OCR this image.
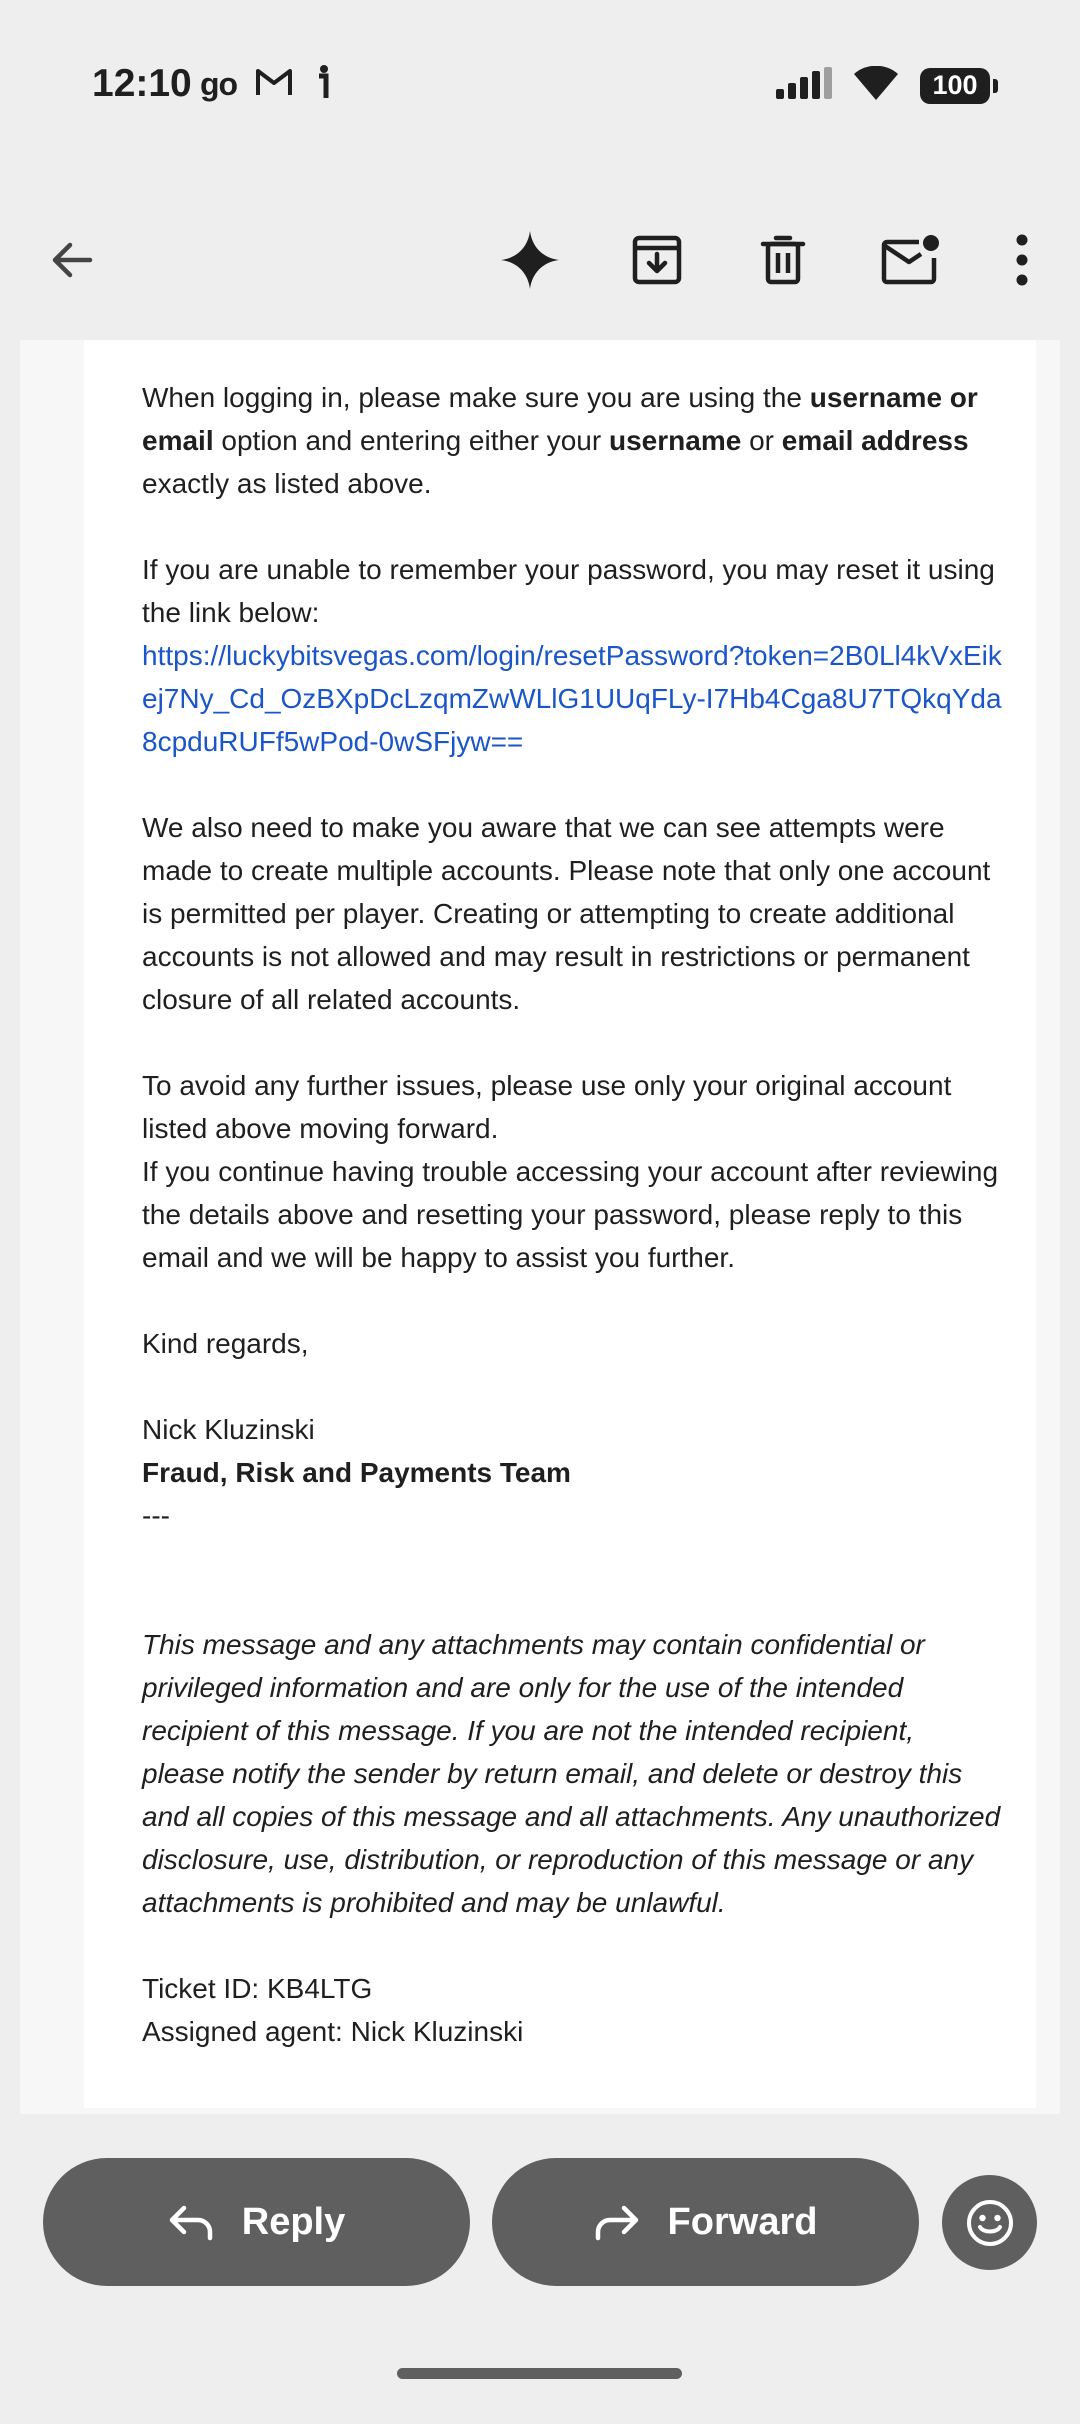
12:10 go	100

When logging in, please make sure you are using the username or email option and entering either your username or email address exactly as listed above.

If you are unable to remember your password, you may reset it using the link below:

https://luckybitsvegas.com/login/resetPassword?token=2B0Ll4kVxEikej7Ny_Cd_OzBXpDcLzqmZwWLlG1UUqFLy-I7Hb4Cga8U7TQkqYda8cpduRUFf5wPod-0wSFjyw==

We also need to make you aware that we can see attempts were made to create multiple accounts. Please note that only one account is permitted per player. Creating or attempting to create additional accounts is not allowed and may result in restrictions or permanent closure of all related accounts.

To avoid any further issues, please use only your original account listed above moving forward.

If you continue having trouble accessing your account after reviewing the details above and resetting your password, please reply to this email and we will be happy to assist you further.

Kind regards,

Nick Kluzinski

Fraud, Risk and Payments Team

---

This message and any attachments may contain confidential or privileged information and are only for the use of the intended recipient of this message. If you are not the intended recipient, please notify the sender by return email, and delete or destroy this and all copies of this message and all attachments. Any unauthorized disclosure, use, distribution, or reproduction of this message or any attachments is prohibited and may be unlawful.

Ticket ID: KB4LTG

Assigned agent: Nick Kluzinski

Reply	Forward
